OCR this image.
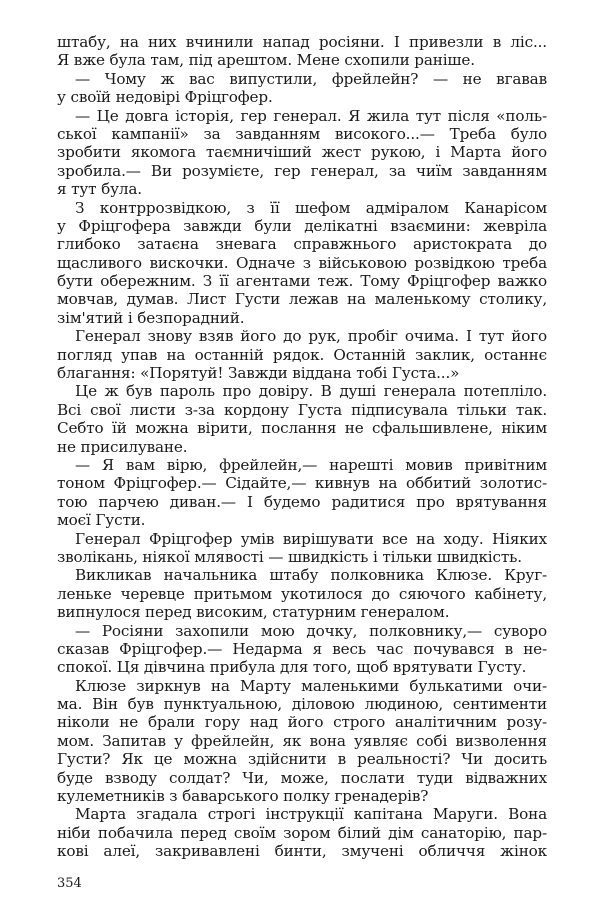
штабу, на них вчинили напад росіяни. І привезли в ліс...
Я вже була там, під арештом. Мене схопили раніше.
— Чому ж вас випустили, фрейлейн? — не вгавав
у своїй недовірі Фріцгофер.
— Це довга історія, гер генерал. Я жила тут після «поль-
ської кампанії» за завданням високого...— Треба було
зробити якомога таємничіший жест рукою, і Марта його
зробила.— Ви розумієте, гер генерал, за чиїм завданням
я тут була.
З контррозвідкою, з її шефом адміралом Канарісом
у Фріцгофера завжди були делікатні взаємини: жевріла
глибоко затаєна зневага справжнього аристократа до
щасливого вискочки. Одначе з військовою розвідкою треба
бути обережним. З її агентами теж. Тому Фріцгофер важко
мовчав, думав. Лист Густи лежав на маленькому столику,
зім'ятий і безпорадний.
Генерал знову взяв його до рук, пробіг очима. І тут його
погляд упав на останній рядок. Останній заклик, останнє
благання: «Порятуй! Завжди віддана тобі Густа...»
Це ж був пароль про довіру. В душі генерала потепліло.
Всі свої листи з-за кордону Густа підписувала тільки так.
Себто їй можна вірити, послання не сфальшивлене, ніким
не присилуване.
— Я вам вірю, фрейлейн,— нарешті мовив привітним
тоном Фріцгофер.— Сідайте,— кивнув на оббитий золотис-
тою парчею диван.— І будемо радитися про врятування
моєї Густи.
Генерал Фріцгофер умів вирішувати все на ходу. Ніяких
зволікань, ніякої млявості — швидкість і тільки швидкість.
Викликав начальника штабу полковника Клюзе. Круг-
леньке черевце притьмом укотилося до сяючого кабінету,
випнулося перед високим, статурним генералом.
— Росіяни захопили мою дочку, полковнику,— суворо
сказав Фріцгофер.— Недарма я весь час почувався в не-
спокої. Ця дівчина прибула для того, щоб врятувати Густу.
Клюзе зиркнув на Марту маленькими булькатими очи-
ма. Він був пунктуальною, діловою людиною, сентименти
ніколи не брали гору над його строго аналітичним розу-
мом. Запитав у фрейлейн, як вона уявляє собі визволення
Густи? Як це можна здійснити в реальності? Чи досить
буде взводу солдат? Чи, може, послати туди відважних
кулеметників з баварського полку гренадерів?
Марта згадала строгі інструкції капітана Маруги. Вона
ніби побачила перед своїм зором білий дім санаторію, пар-
кові алеї, закривавлені бинти, змучені обличчя жінок
354
